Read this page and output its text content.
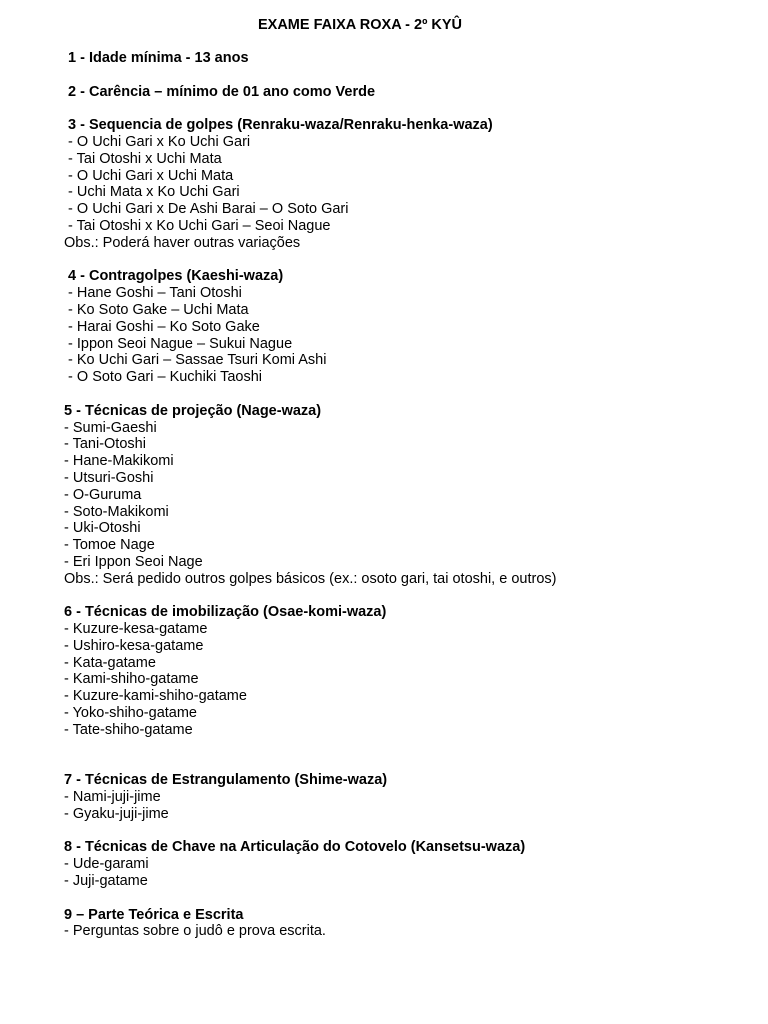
EXAME FAIXA ROXA - 2º KYÛ
1 - Idade mínima - 13 anos
2 - Carência – mínimo de 01 ano como Verde
3 - Sequencia de golpes (Renraku-waza/Renraku-henka-waza)
- O Uchi Gari x Ko Uchi Gari
- Tai Otoshi x Uchi Mata
- O Uchi Gari x Uchi Mata
- Uchi Mata x Ko Uchi Gari
- O Uchi Gari x De Ashi Barai – O Soto Gari
- Tai Otoshi x Ko Uchi Gari – Seoi Nague
Obs.: Poderá haver outras variações
4 - Contragolpes (Kaeshi-waza)
- Hane Goshi – Tani Otoshi
- Ko Soto Gake – Uchi Mata
- Harai Goshi – Ko Soto Gake
- Ippon Seoi Nague – Sukui Nague
- Ko Uchi Gari – Sassae Tsuri Komi Ashi
- O Soto Gari – Kuchiki Taoshi
5 - Técnicas de projeção (Nage-waza)
- Sumi-Gaeshi
- Tani-Otoshi
- Hane-Makikomi
- Utsuri-Goshi
- O-Guruma
- Soto-Makikomi
- Uki-Otoshi
- Tomoe Nage
- Eri Ippon Seoi Nage
Obs.: Será pedido outros golpes básicos (ex.: osoto gari, tai otoshi, e outros)
6 - Técnicas de imobilização (Osae-komi-waza)
- Kuzure-kesa-gatame
- Ushiro-kesa-gatame
- Kata-gatame
- Kami-shiho-gatame
- Kuzure-kami-shiho-gatame
- Yoko-shiho-gatame
- Tate-shiho-gatame
7 - Técnicas de Estrangulamento (Shime-waza)
- Nami-juji-jime
- Gyaku-juji-jime
8 - Técnicas de Chave na Articulação do Cotovelo (Kansetsu-waza)
- Ude-garami
- Juji-gatame
9 – Parte Teórica e Escrita
- Perguntas sobre o judô e prova escrita.
